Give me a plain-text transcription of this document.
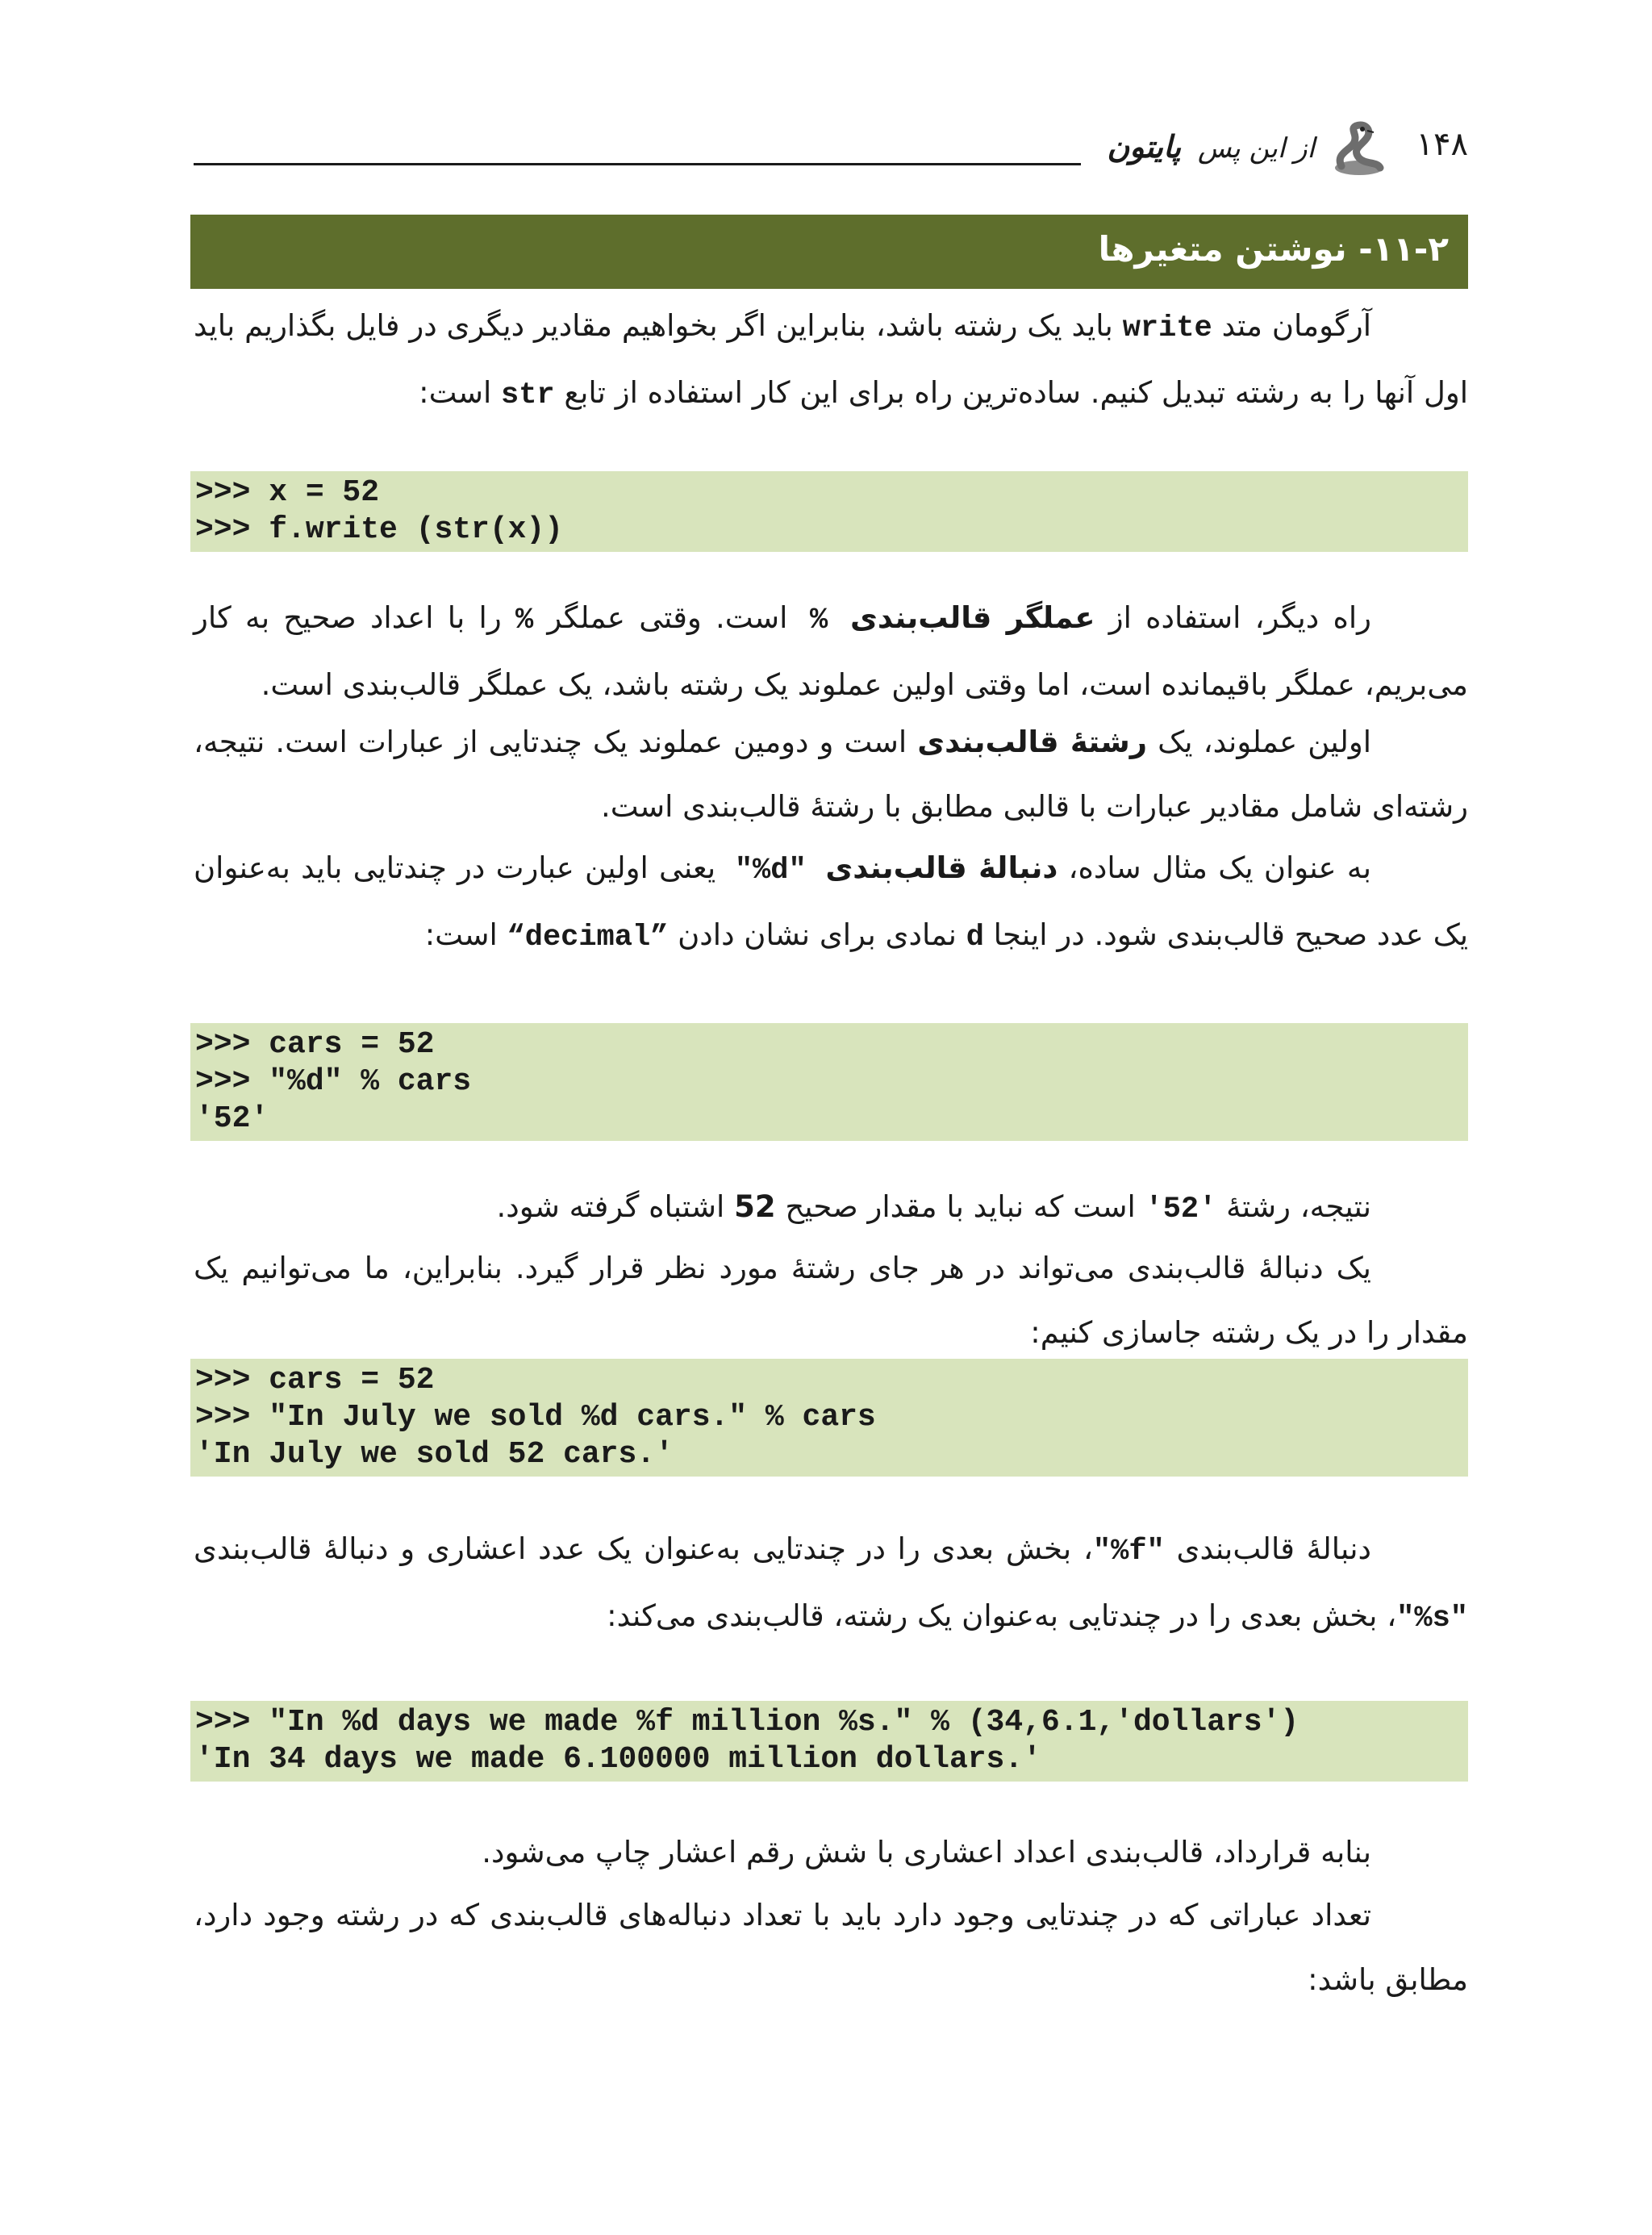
از این پس پایتون	۱۴۸
۱۱-۲- نوشتن متغیرها

آرگومان متد write باید یک رشته باشد، بنابراین اگر بخواهیم مقادیر دیگری در فایل بگذاریم باید اول آنها را به رشته تبدیل کنیم. ساده‌ترین راه برای این کار استفاده از تابع str است:

>>> x = 52
>>> f.write (str(x))

راه دیگر، استفاده از عملگر قالب‌بندی % است. وقتی عملگر % را با اعداد صحیح به کار می‌بریم، عملگر باقیمانده است، اما وقتی اولین عملوند یک رشته باشد، یک عملگر قالب‌بندی است.

اولین عملوند، یک رشتهٔ قالب‌بندی است و دومین عملوند یک چندتایی از عبارات است. نتیجه، رشته‌ای شامل مقادیر عبارات با قالبی مطابق با رشتهٔ قالب‌بندی است.

به عنوان یک مثال ساده، دنبالهٔ قالب‌بندی "%d" یعنی اولین عبارت در چندتایی باید به‌عنوان یک عدد صحیح قالب‌بندی شود. در اینجا d نمادی برای نشان دادن “decimal” است:

>>> cars = 52
>>> "%d" % cars
'52'

نتیجه، رشتهٔ '52' است که نباید با مقدار صحیح 52 اشتباه گرفته شود.

یک دنبالهٔ قالب‌بندی می‌تواند در هر جای رشتهٔ مورد نظر قرار گیرد. بنابراین، ما می‌توانیم یک مقدار را در یک رشته جاسازی کنیم:

>>> cars = 52
>>> "In July we sold %d cars." % cars
'In July we sold 52 cars.'

دنبالهٔ قالب‌بندی "%f"، بخش بعدی را در چندتایی به‌عنوان یک عدد اعشاری و دنبالهٔ قالب‌بندی "%s"، بخش بعدی را در چندتایی به‌عنوان یک رشته، قالب‌بندی می‌کند:

>>> "In %d days we made %f million %s." % (34,6.1,'dollars')
'In 34 days we made 6.100000 million dollars.'

بنابه قرارداد، قالب‌بندی اعداد اعشاری با شش رقم اعشار چاپ می‌شود.

تعداد عباراتی که در چندتایی وجود دارد باید با تعداد دنباله‌های قالب‌بندی که در رشته وجود دارد، مطابق باشد:
